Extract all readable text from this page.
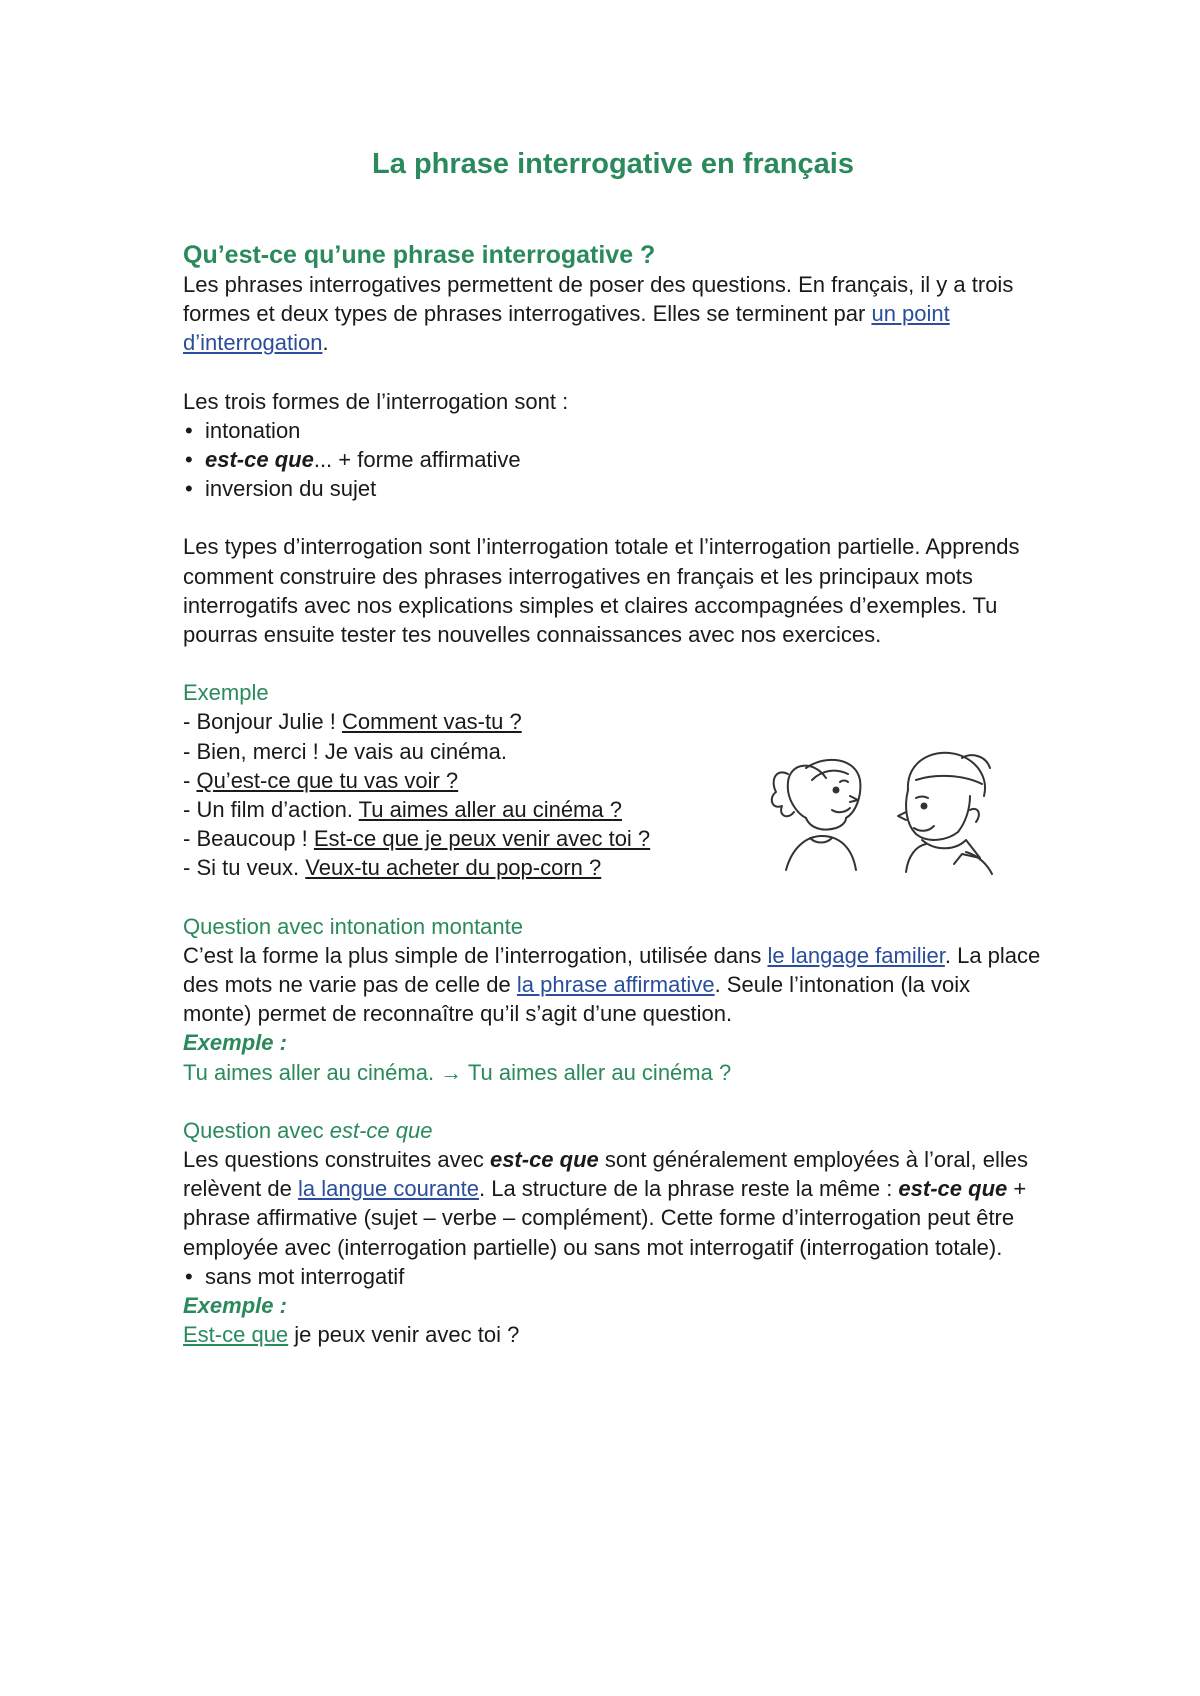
La phrase interrogative en français
Qu’est-ce qu’une phrase interrogative ?

Les phrases interrogatives permettent de poser des questions. En français, il y a trois formes et deux types de phrases interrogatives. Elles se terminent par un point d’interrogation.

Les trois formes de l’interrogation sont :

• intonation
• est-ce que... + forme affirmative
• inversion du sujet

Les types d’interrogation sont l’interrogation totale et l’interrogation partielle. Apprends comment construire des phrases interrogatives en français et les principaux mots interrogatifs avec nos explications simples et claires accompagnées d’exemples. Tu pourras ensuite tester tes nouvelles connaissances avec nos exercices.

Exemple

- Bonjour Julie ! Comment vas-tu ?

- Bien, merci ! Je vais au cinéma.

- Qu’est-ce que tu vas voir ?

- Un film d’action. Tu aimes aller au cinéma ?

- Beaucoup ! Est-ce que je peux venir avec toi ?

- Si tu veux. Veux-tu acheter du pop-corn ?

Question avec intonation montante

C’est la forme la plus simple de l’interrogation, utilisée dans le langage familier. La place des mots ne varie pas de celle de la phrase affirmative. Seule l’intonation (la voix monte) permet de reconnaître qu’il s’agit d’une question.

Exemple :

Tu aimes aller au cinéma. → Tu aimes aller au cinéma ?

Question avec est-ce que

Les questions construites avec est-ce que sont généralement employées à l’oral, elles relèvent de la langue courante. La structure de la phrase reste la même : est-ce que + phrase affirmative (sujet – verbe – complément). Cette forme d’interrogation peut être employée avec (interrogation partielle) ou sans mot interrogatif (interrogation totale).

• sans mot interrogatif

Exemple :

Est-ce que je peux venir avec toi ?
